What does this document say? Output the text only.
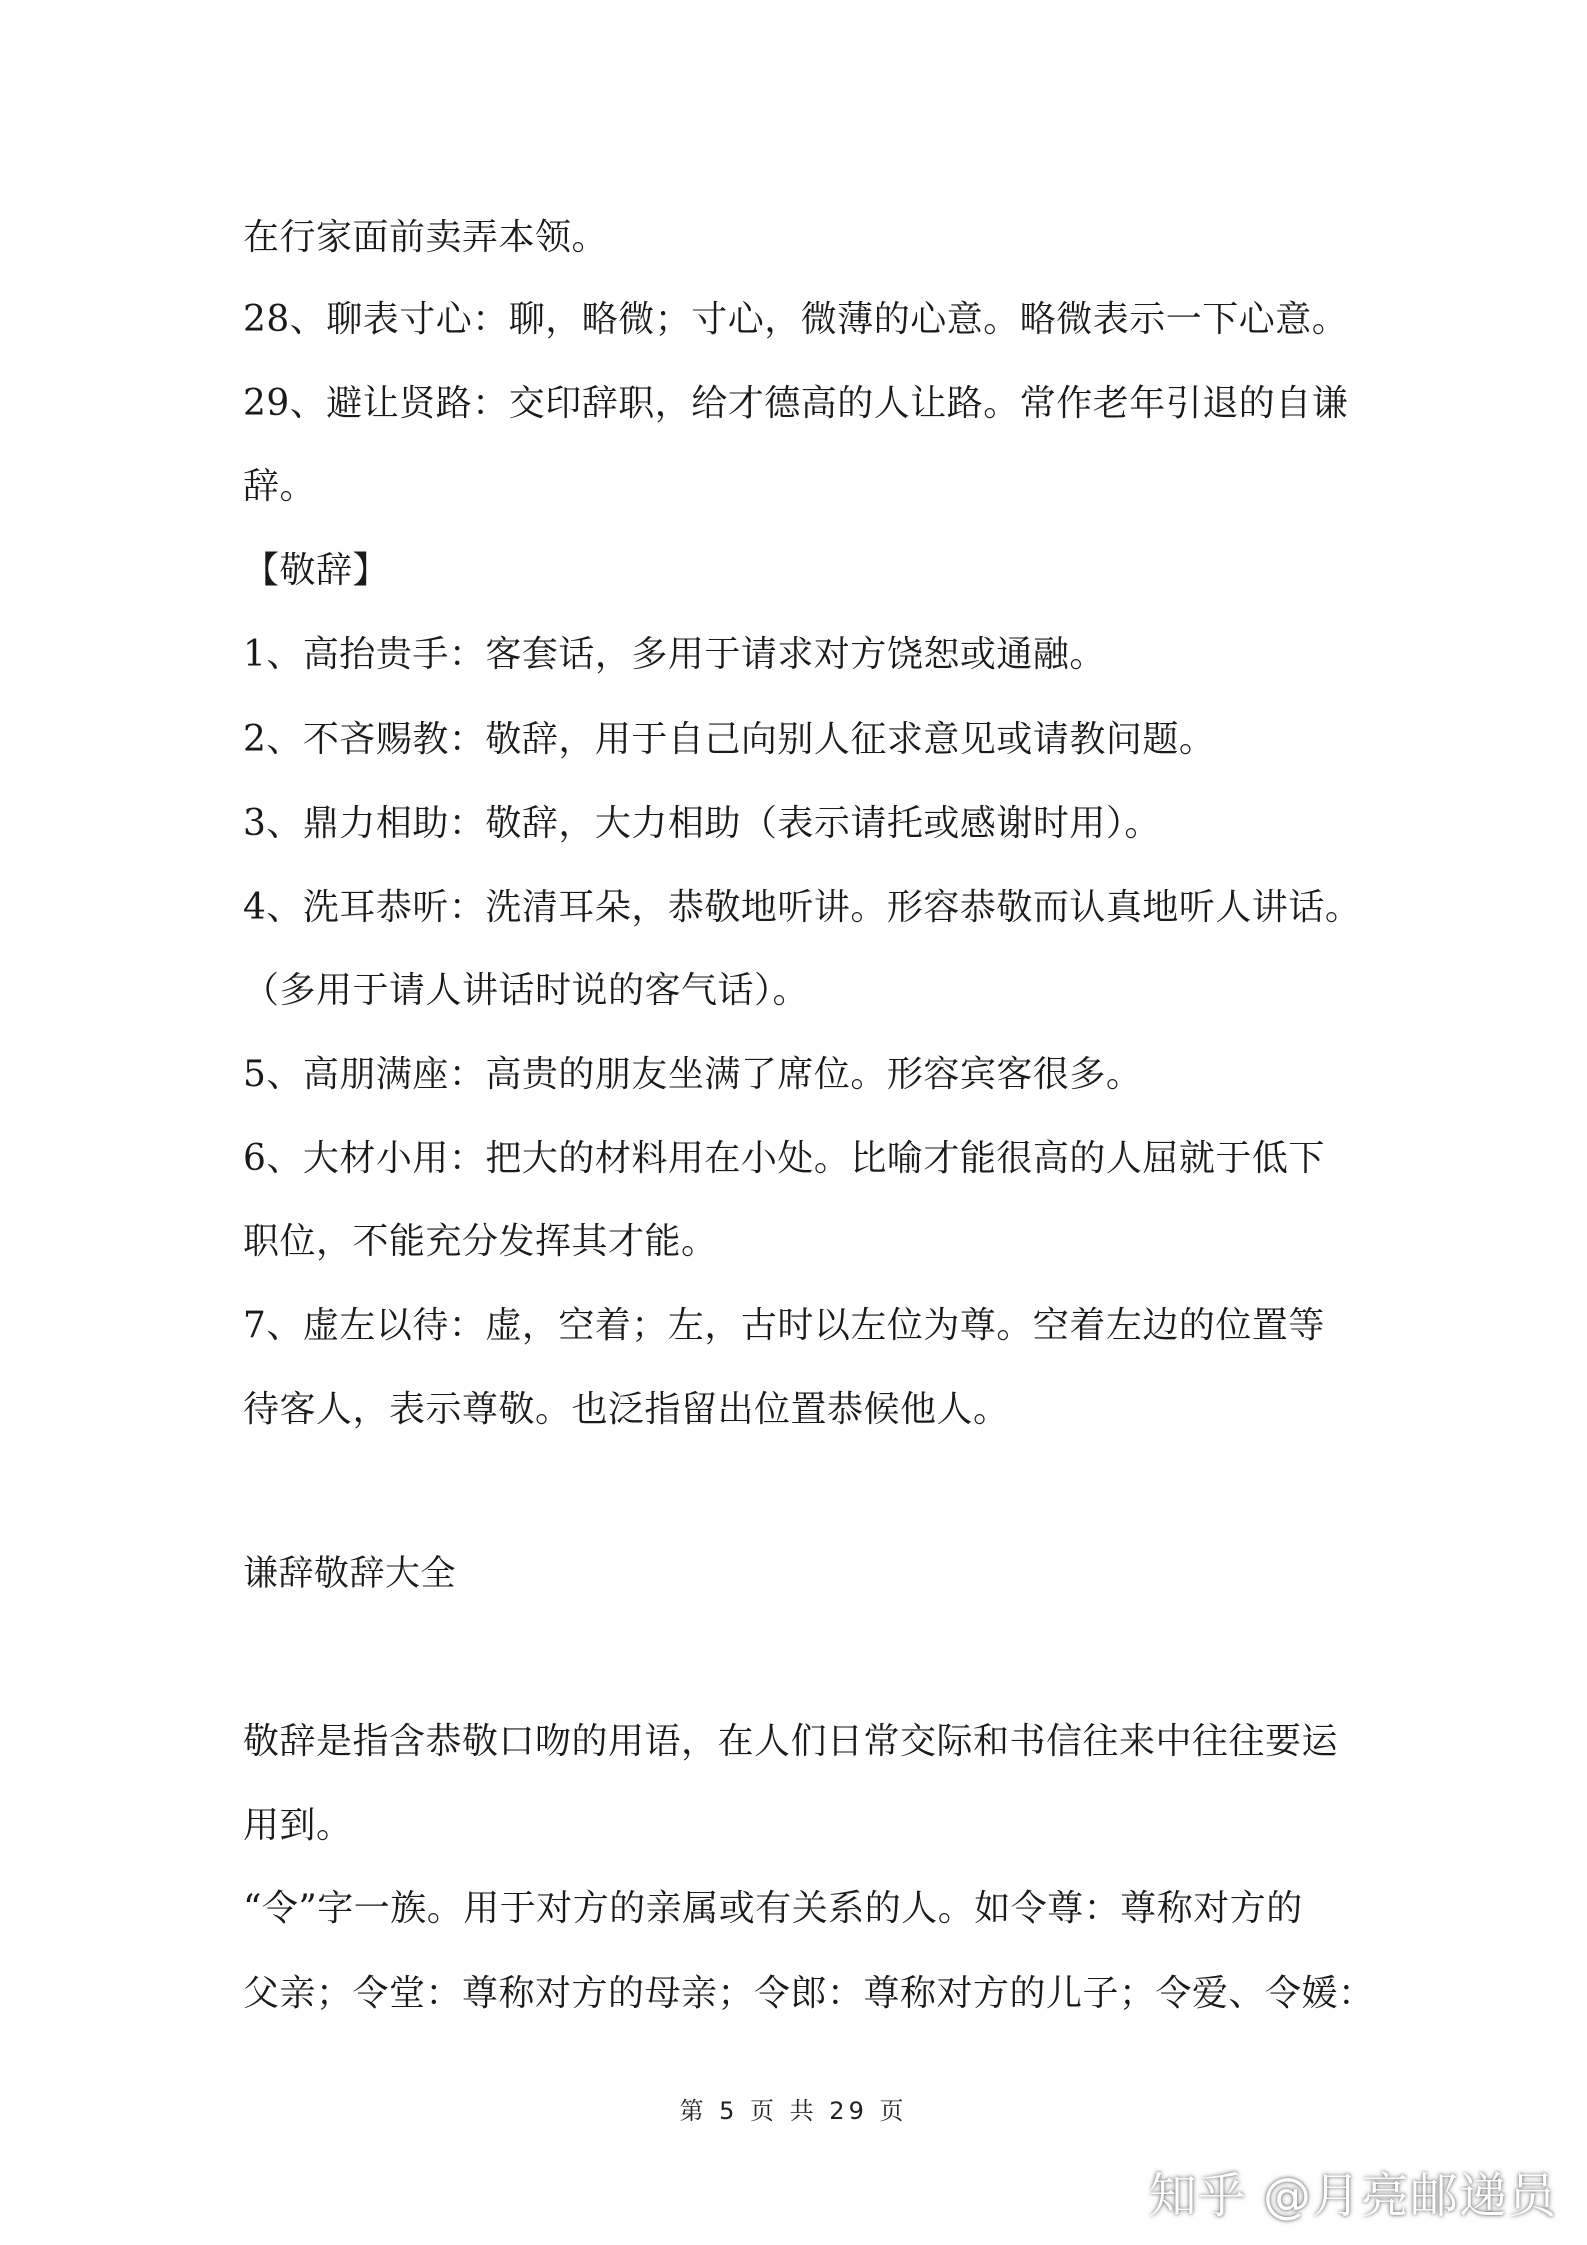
在行家面前卖弄本领。
28、聊表寸心：聊，略微；寸心，微薄的心意。略微表示一下心意。
29、避让贤路：交印辞职，给才德高的人让路。常作老年引退的自谦
辞。
【敬辞】
1、高抬贵手：客套话，多用于请求对方饶恕或通融。
2、不吝赐教：敬辞，用于自己向别人征求意见或请教问题。
3、鼎力相助：敬辞，大力相助（表示请托或感谢时用）。
4、洗耳恭听：洗清耳朵，恭敬地听讲。形容恭敬而认真地听人讲话。
（多用于请人讲话时说的客气话）。
5、高朋满座：高贵的朋友坐满了席位。形容宾客很多。
6、大材小用：把大的材料用在小处。比喻才能很高的人屈就于低下
职位，不能充分发挥其才能。
7、虚左以待：虚，空着；左，古时以左位为尊。空着左边的位置等
待客人，表示尊敬。也泛指留出位置恭候他人。
谦辞敬辞大全
敬辞是指含恭敬口吻的用语，在人们日常交际和书信往来中往往要运
用到。
“令”字一族。用于对方的亲属或有关系的人。如令尊：尊称对方的
父亲；令堂：尊称对方的母亲；令郎：尊称对方的儿子；令爱、令媛：
第 5 页 共 29 页
知乎 @月亮邮递员
